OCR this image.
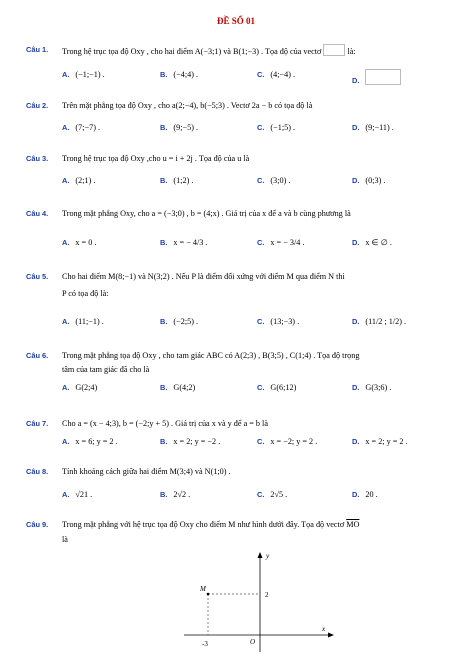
ĐỀ SỐ 01
Câu 1. Trong hệ trục tọa độ Oxy , cho hai điểm A(−3;1) và B(1;−3) . Tọa độ của vectơ	là:
A. (−1;−1) .	B. (−4;4) .	C. (4;−4) .
D.
Câu 2. Trên mặt phẳng tọa độ Oxy , cho a(2;−4), b(−5;3) . Vectơ 2a − b có tọa độ là
A. (7;−7) .	B. (9;−5) .	C. (−1;5) .	D. (9;−11) .
Câu 3. Trong hệ trục tọa độ Oxy ,cho u = i + 2j . Tọa độ của u là
A. (2;1) .	B. (1;2) .	C. (3;0) .	D. (0;3) .
Câu 4. Trong mặt phẳng Oxy, cho a = (−3;0) , b = (4;x) . Giá trị của x để a và b cùng phương là
A. x = 0 .	B. x = − 4/3 .	C. x = − 3/4 .	D. x ∈ ∅ .
Câu 5. Cho hai điểm M(8;−1) và N(3;2) . Nếu P là điểm đối xứng với điểm M qua điểm N thì
P có tọa độ là:
A. (11;−1) .	B. (−2;5) .	C. (13;−3) .	D. (11/2 ; 1/2) .
Câu 6. Trong mặt phẳng tọa độ Oxy , cho tam giác ABC có A(2;3) , B(3;5) , C(1;4) . Tọa độ trọng
tâm của tam giác đã cho là
A. G(2;4)	B. G(4;2)	C. G(6;12)	D. G(3;6) .
Câu 7. Cho a = (x − 4;3), b = (−2;y + 5) . Giá trị của x và y để a = b là
A. x = 6; y = 2 .	B. x = 2; y = −2 .	C. x = −2; y = 2 .	D. x = 2; y = 2 .
Câu 8. Tính khoảng cách giữa hai điểm M(3;4) và N(1;0) .
A. √21 .	B. 2√2 .	C. 2√5 .	D. 20 .
Câu 9. Trong mặt phẳng với hệ trục tọa độ Oxy cho điểm M như hình dưới đây. Tọa độ vectơ $\overline{MO}$
là
y
x
M
2
-3	O
